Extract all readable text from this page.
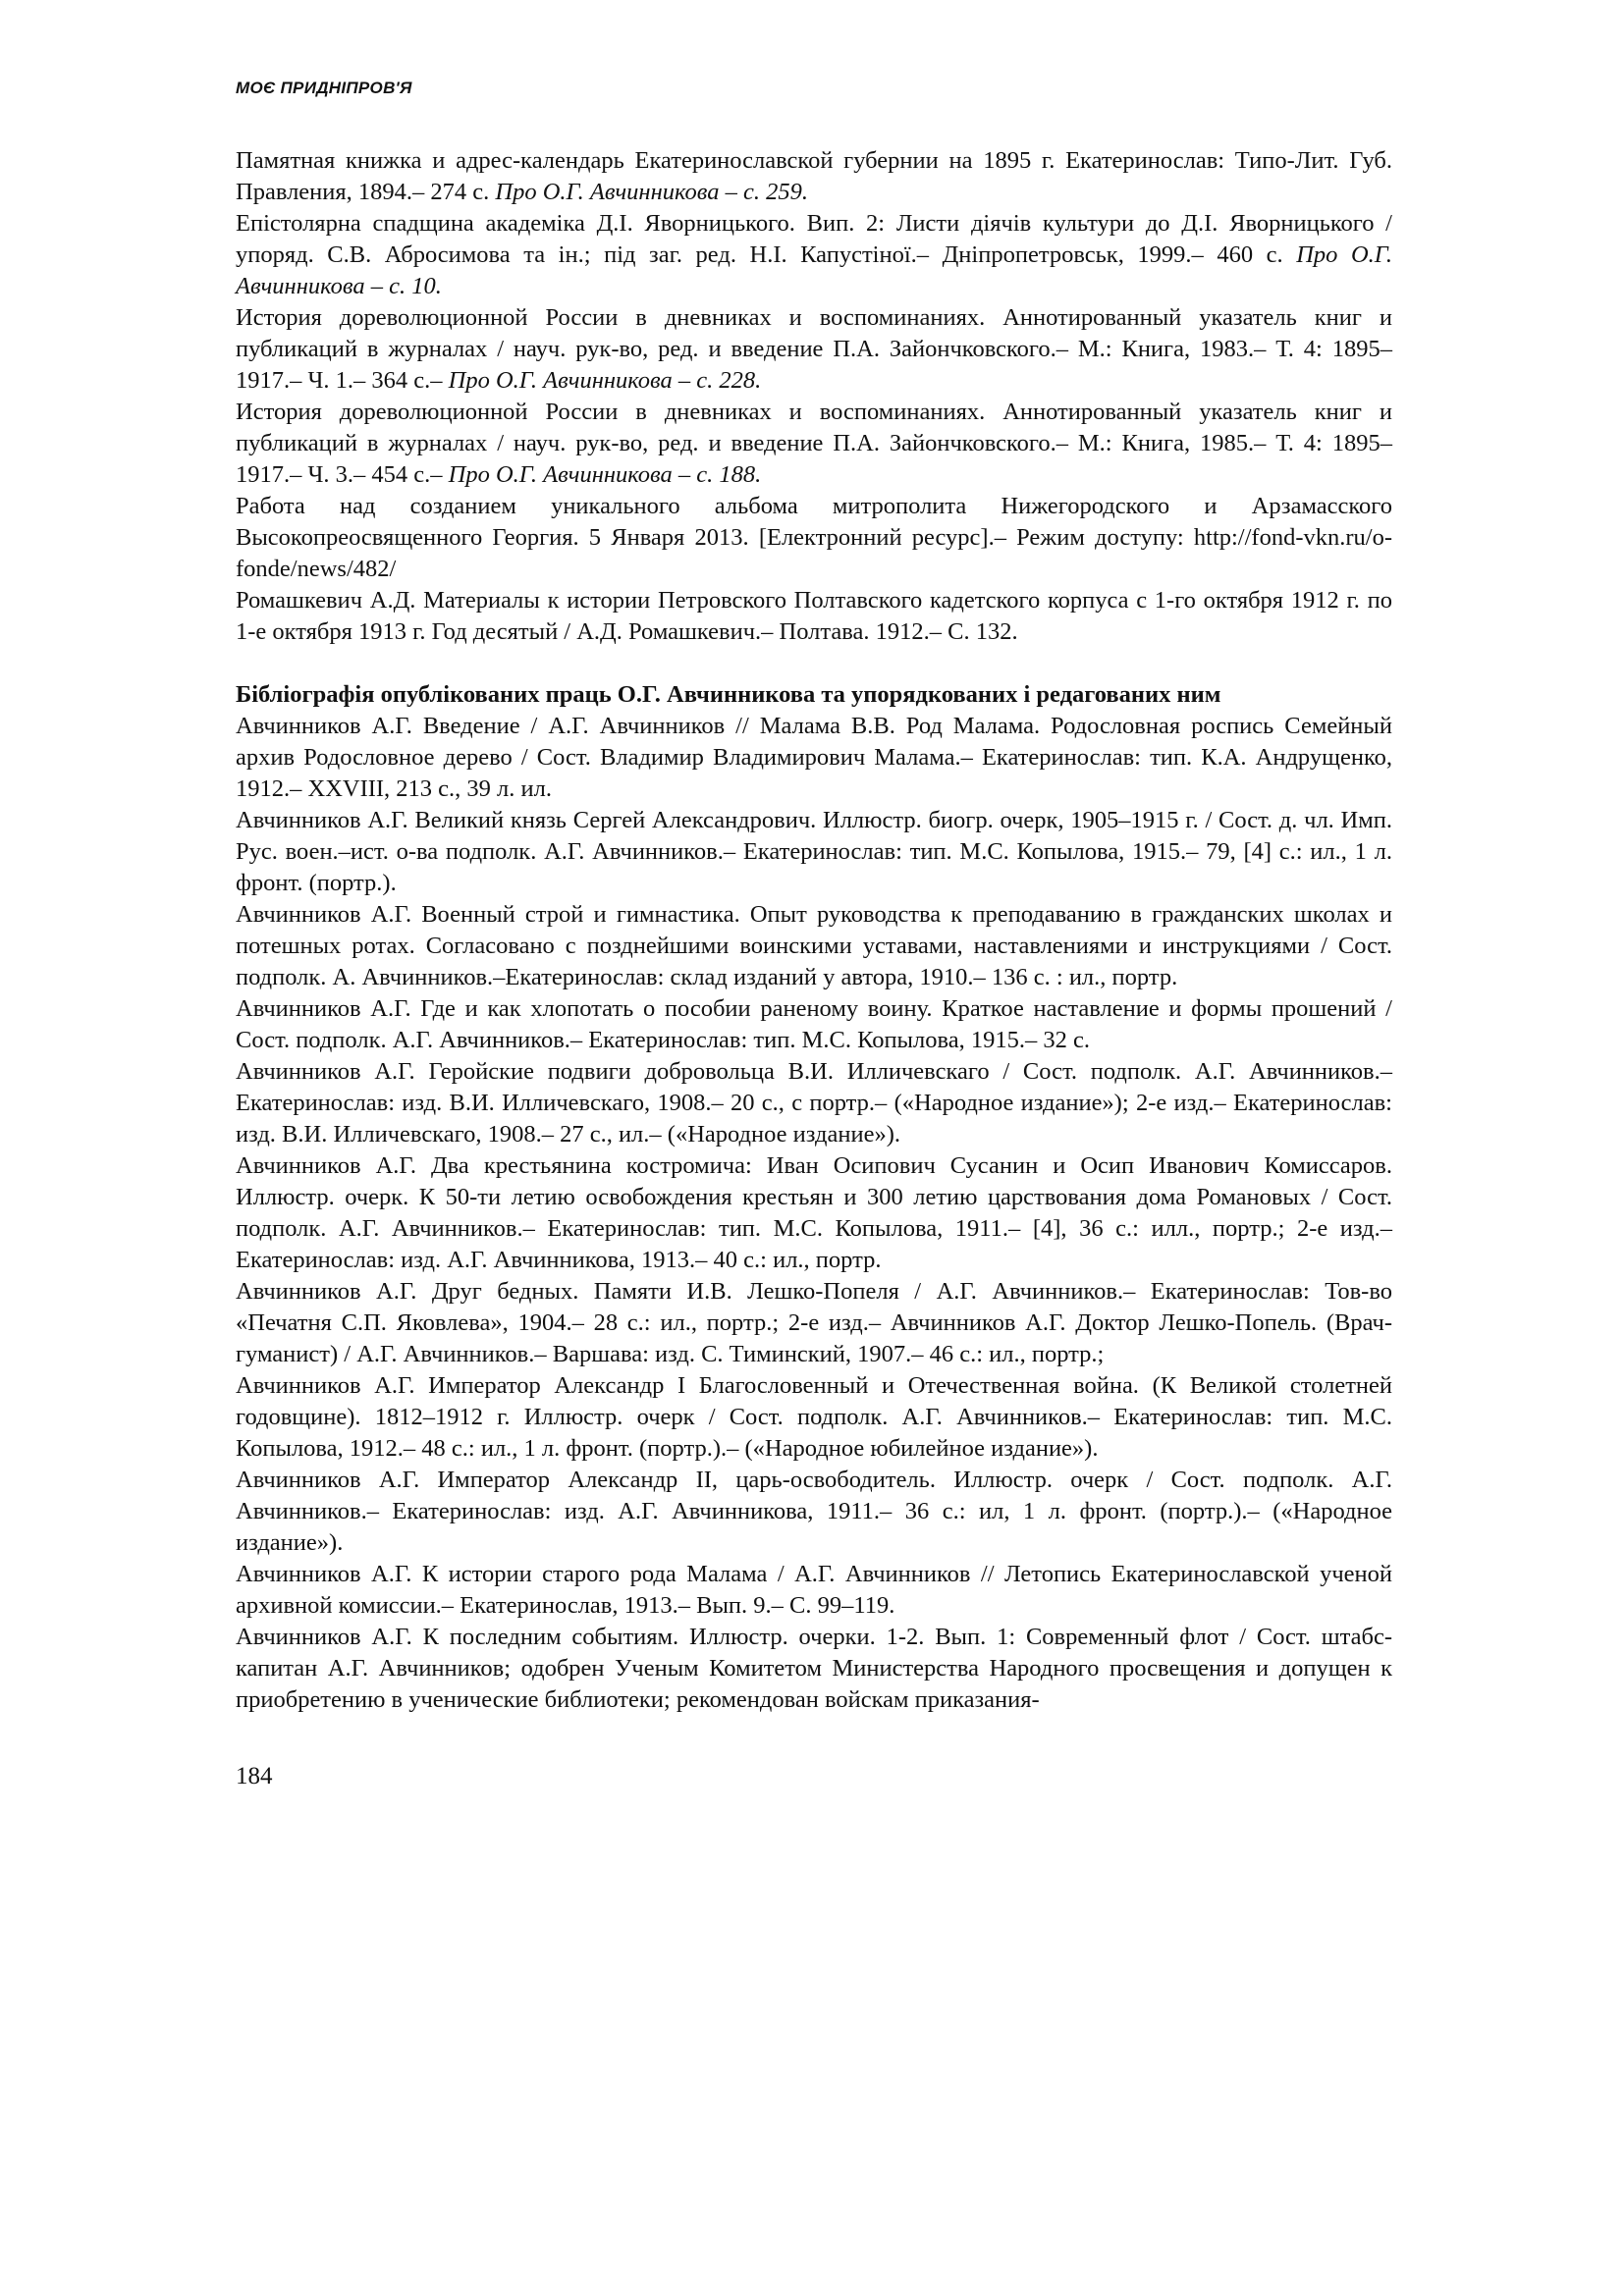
МОЄ ПРИДНІПРОВ'Я

Памятная книжка и адрес-календарь Екатеринославской губернии на 1895 г. Екатеринослав: Типо-Лит. Губ. Правления, 1894.– 274 с. Про О.Г. Авчинникова – с. 259.

Епістолярна спадщина академіка Д.І. Яворницького. Вип. 2: Листи діячів культури до Д.І. Яворницького / упоряд. С.В. Абросимова та ін.; під заг. ред. Н.І. Капустіної.– Дніпропетровськ, 1999.– 460 с. Про О.Г. Авчинникова – с. 10.

История дореволюционной России в дневниках и воспоминаниях. Аннотированный указатель книг и публикаций в журналах / науч. рук-во, ред. и введение П.А. Зайончковского.– М.: Книга, 1983.– Т. 4: 1895–1917.– Ч. 1.– 364 с.– Про О.Г. Авчинникова – с. 228.

История дореволюционной России в дневниках и воспоминаниях. Аннотированный указатель книг и публикаций в журналах / науч. рук-во, ред. и введение П.А. Зайончковского.– М.: Книга, 1985.– Т. 4: 1895–1917.– Ч. 3.– 454 с.– Про О.Г. Авчинникова – с. 188.

Работа над созданием уникального альбома митрополита Нижегородского и Арзамасского Высокопреосвященного Георгия. 5 Января 2013. [Електронний ресурс].– Режим доступу: http://fond-vkn.ru/o-fonde/news/482/

Ромашкевич А.Д. Материалы к истории Петровского Полтавского кадетского корпуса с 1-го октября 1912 г. по 1-е октября 1913 г. Год десятый / А.Д. Ромашкевич.– Полтава. 1912.– С. 132.

Бібліографія опублікованих праць О.Г. Авчинникова та упорядкованих і редагованих ним

Авчинников А.Г. Введение / А.Г. Авчинников // Малама В.В. Род Малама. Родословная роспись Семейный архив Родословное дерево / Сост. Владимир Владимирович Малама.– Екатеринослав: тип. К.А. Андрущенко, 1912.– XXVIII, 213 с., 39 л. ил.

Авчинников А.Г. Великий князь Сергей Александрович. Иллюстр. биогр. очерк, 1905–1915 г. / Сост. д. чл. Имп. Рус. воен.–ист. о-ва подполк. А.Г. Авчинников.– Екатеринослав: тип. М.С. Копылова, 1915.– 79, [4] с.: ил., 1 л. фронт. (портр.).

Авчинников А.Г. Военный строй и гимнастика. Опыт руководства к преподаванию в гражданских школах и потешных ротах. Согласовано с позднейшими воинскими уставами, наставлениями и инструкциями / Сост. подполк. А. Авчинников.–Екатеринослав: склад изданий у автора, 1910.– 136 с. : ил., портр.

Авчинников А.Г. Где и как хлопотать о пособии раненому воину. Краткое наставление и формы прошений / Сост. подполк. А.Г. Авчинников.– Екатеринослав: тип. М.С. Копылова, 1915.– 32 с.

Авчинников А.Г. Геройские подвиги добровольца В.И. Илличевскаго / Сост. подполк. А.Г. Авчинников.– Екатеринослав: изд. В.И. Илличевскаго, 1908.– 20 с., с портр.– («Народное издание»); 2-е изд.– Екатеринослав: изд. В.И. Илличевскаго, 1908.– 27 с., ил.– («Народное издание»).

Авчинников А.Г. Два крестьянина костромича: Иван Осипович Сусанин и Осип Иванович Комиссаров. Иллюстр. очерк. К 50-ти летию освобождения крестьян и 300 летию царствования дома Романовых / Сост. подполк. А.Г. Авчинников.– Екатеринослав: тип. М.С. Копылова, 1911.– [4], 36 с.: илл., портр.; 2-е изд.–Екатеринослав: изд. А.Г. Авчинникова, 1913.– 40 с.: ил., портр.

Авчинников А.Г. Друг бедных. Памяти И.В. Лешко-Попеля / А.Г. Авчинников.– Екатеринослав: Тов-во «Печатня С.П. Яковлева», 1904.– 28 с.: ил., портр.; 2-е изд.– Авчинников А.Г. Доктор Лешко-Попель. (Врач-гуманист) / А.Г. Авчинников.– Варшава: изд. С. Тиминский, 1907.– 46 с.: ил., портр.;

Авчинников А.Г. Император Александр I Благословенный и Отечественная война. (К Великой столетней годовщине). 1812–1912 г. Иллюстр. очерк / Сост. подполк. А.Г. Авчинников.– Екатеринослав: тип. М.С. Копылова, 1912.– 48 с.: ил., 1 л. фронт. (портр.).– («Народное юбилейное издание»).

Авчинников А.Г. Император Александр II, царь-освободитель. Иллюстр. очерк / Сост. подполк. А.Г. Авчинников.– Екатеринослав: изд. А.Г. Авчинникова, 1911.– 36 с.: ил, 1 л. фронт. (портр.).– («Народное издание»).

Авчинников А.Г. К истории старого рода Малама / А.Г. Авчинников // Летопись Екатеринославской ученой архивной комиссии.– Екатеринослав, 1913.– Вып. 9.– С. 99–119.

Авчинников А.Г. К последним событиям. Иллюстр. очерки. 1-2. Вып. 1: Современный флот / Сост. штабс-капитан А.Г. Авчинников; одобрен Ученым Комитетом Министерства Народного просвещения и допущен к приобретению в ученические библиотеки; рекомендован войскам приказания-

184
